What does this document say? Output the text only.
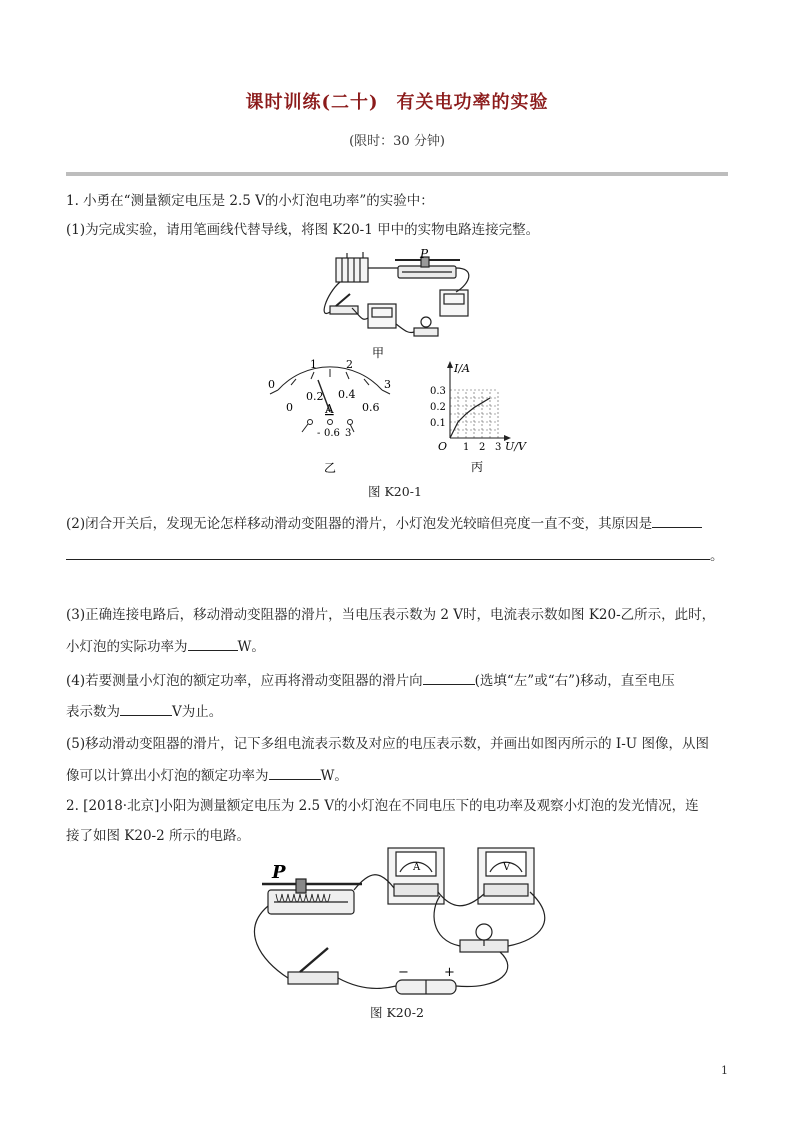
课时训练(二十) 有关电功率的实验
(限时：30 分钟)
1. 小勇在“测量额定电压是 2.5 V的小灯泡电功率”的实验中：
(1)为完成实验，请用笔画线代替导线，将图 K20-1 甲中的实物电路连接完整。
P
甲
0
1	2
3
0
0.2 0.4
0.6
A
- 0.6 3
乙
0.3
0.2
0.1
1 2 3
I/A
U/V
O
丙
图 K20-1
(2)闭合开关后，发现无论怎样移动滑动变阻器的滑片，小灯泡发光较暗但亮度一直不变，其原因是
。
(3)正确连接电路后，移动滑动变阻器的滑片，当电压表示数为 2 V时，电流表示数如图 K20-乙所示，此时，
小灯泡的实际功率为	W。
(4)若要测量小灯泡的额定功率，应再将滑动变阻器的滑片向	(选填“左”或“右”)移动，直至电压
表示数为	V为止。
(5)移动滑动变阻器的滑片，记下多组电流表示数及对应的电压表示数，并画出如图丙所示的 I-U 图像，从图
像可以计算出小灯泡的额定功率为	W。
2. [2018·北京]小阳为测量额定电压为 2.5 V的小灯泡在不同电压下的电功率及观察小灯泡的发光情况，连
接了如图 K20-2 所示的电路。
P	A	V
−	+
图 K20-2
1
